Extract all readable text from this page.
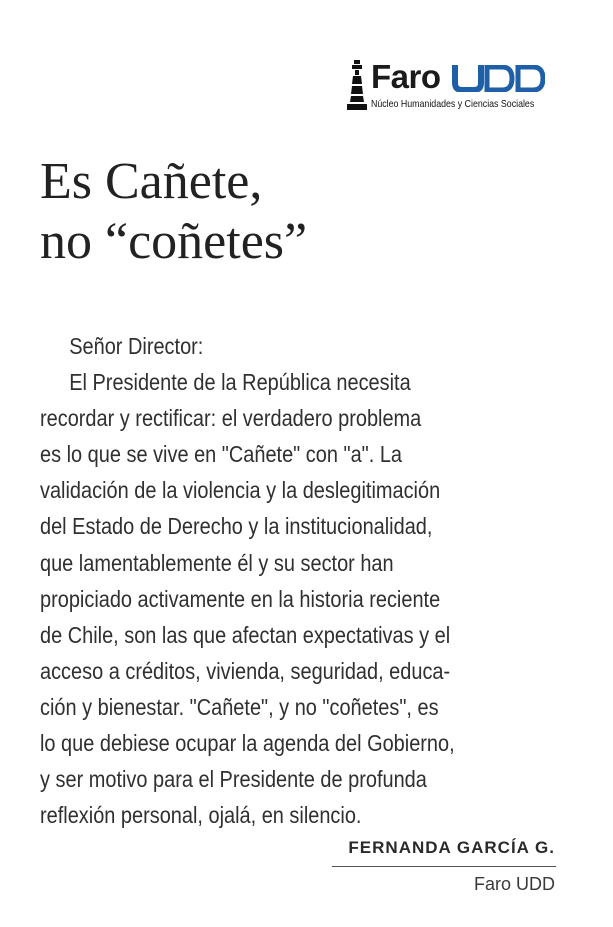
Faro
Núcleo Humanidades y Ciencias Sociales
Es Cañete,
no “coñetes”
Señor Director:
El Presidente de la República necesita
recordar y rectificar: el verdadero problema
es lo que se vive en "Cañete" con "a". La
validación de la violencia y la deslegitimación
del Estado de Derecho y la institucionalidad,
que lamentablemente él y su sector han
propiciado activamente en la historia reciente
de Chile, son las que afectan expectativas y el
acceso a créditos, vivienda, seguridad, educa-
ción y bienestar. "Cañete", y no "coñetes", es
lo que debiese ocupar la agenda del Gobierno,
y ser motivo para el Presidente de profunda
reflexión personal, ojalá, en silencio.
FERNANDA GARCÍA G.
Faro UDD
